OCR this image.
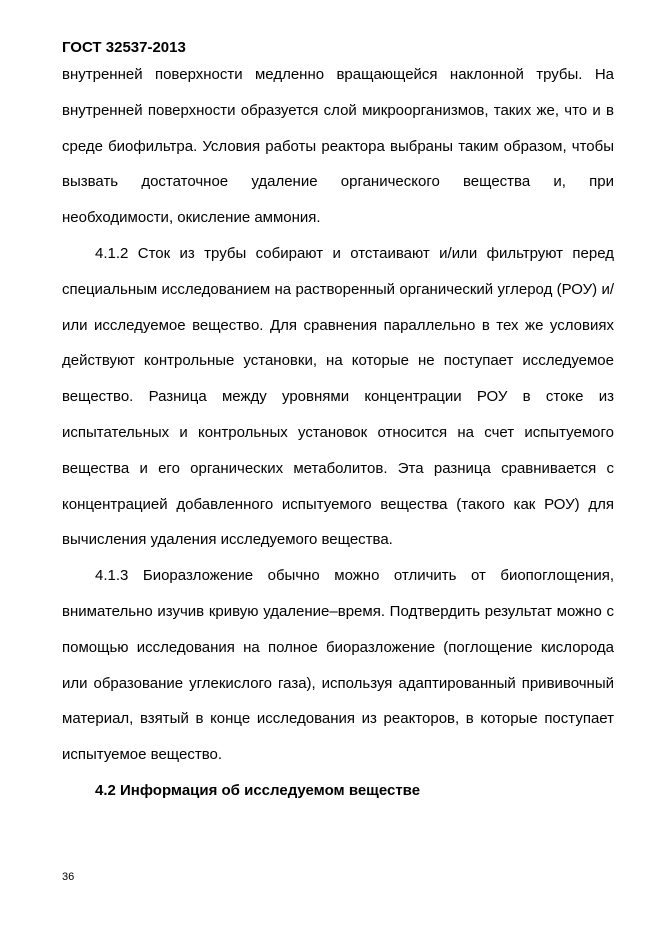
ГОСТ 32537-2013

внутренней поверхности медленно вращающейся наклонной трубы. На внутренней поверхности образуется слой микроорганизмов, таких же, что и в среде биофильтра. Условия работы реактора выбраны таким образом, чтобы вызвать достаточное удаление органического вещества и, при необходимости, окисление аммония.

4.1.2 Сток из трубы собирают и отстаивают и/или фильтруют перед специальным исследованием на растворенный органический углерод (РОУ) и/или исследуемое вещество. Для сравнения параллельно в тех же условиях действуют контрольные установки, на которые не поступает исследуемое вещество. Разница между уровнями концентрации РОУ в стоке из испытательных и контрольных установок относится на счет испытуемого вещества и его органических метаболитов. Эта разница сравнивается с концентрацией добавленного испытуемого вещества (такого как РОУ) для вычисления удаления исследуемого вещества.

4.1.3 Биоразложение обычно можно отличить от биопоглощения, внимательно изучив кривую удаление–время. Подтвердить результат можно с помощью исследования на полное биоразложение (поглощение кислорода или образование углекислого газа), используя адаптированный прививочный материал, взятый в конце исследования из реакторов, в которые поступает испытуемое вещество.

4.2 Информация об исследуемом веществе

36
